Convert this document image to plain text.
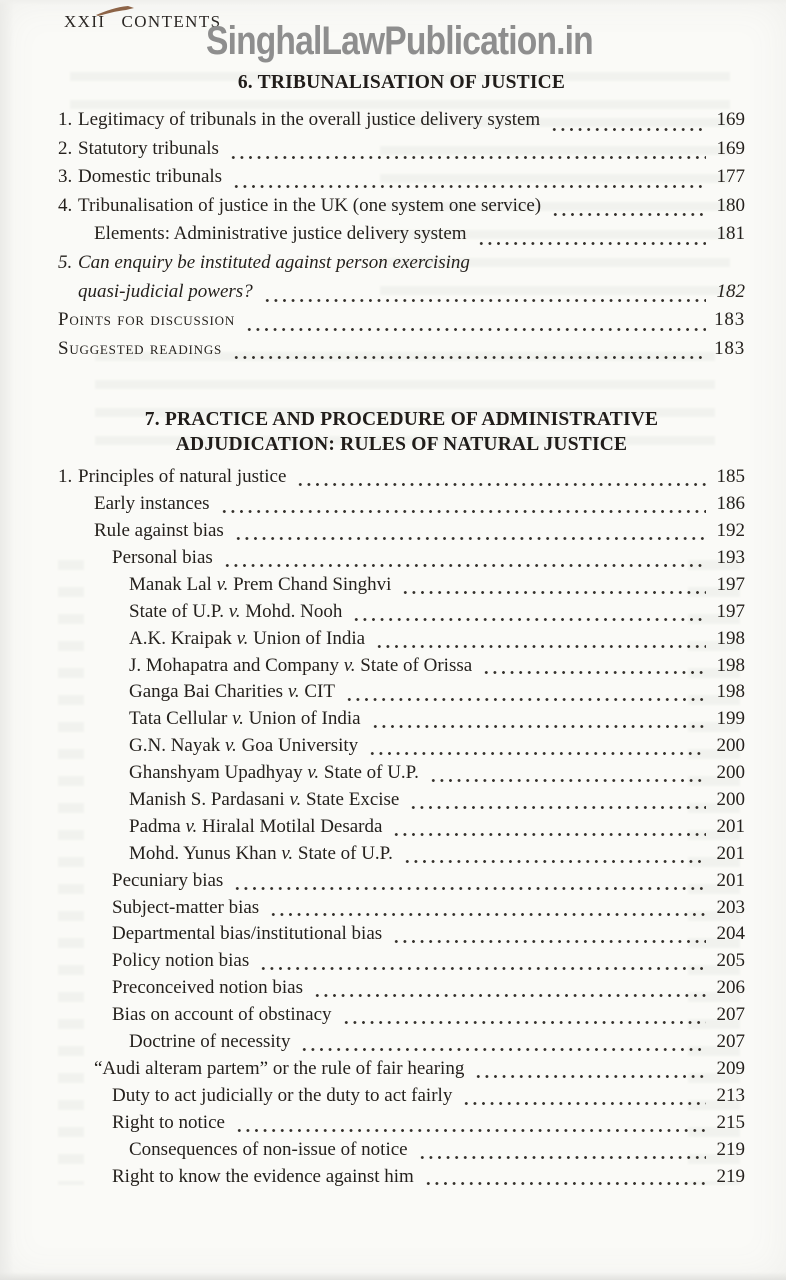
XXII CONTENTS
SinghalLawPublication.in
6. TRIBUNALISATION OF JUSTICE
1. Legitimacy of tribunals in the overall justice delivery system	169
2. Statutory tribunals	169
3. Domestic tribunals	177
4. Tribunalisation of justice in the UK (one system one service)	180
Elements: Administrative justice delivery system	181
5. Can enquiry be instituted against person exercising
quasi-judicial powers?	182
Points for discussion	183
Suggested readings	183
7. PRACTICE AND PROCEDURE OF ADMINISTRATIVE
ADJUDICATION: RULES OF NATURAL JUSTICE
1. Principles of natural justice	185
Early instances	186
Rule against bias	192
Personal bias	193
Manak Lal v. Prem Chand Singhvi	197
State of U.P. v. Mohd. Nooh	197
A.K. Kraipak v. Union of India	198
J. Mohapatra and Company v. State of Orissa	198
Ganga Bai Charities v. CIT	198
Tata Cellular v. Union of India	199
G.N. Nayak v. Goa University	200
Ghanshyam Upadhyay v. State of U.P.	200
Manish S. Pardasani v. State Excise	200
Padma v. Hiralal Motilal Desarda	201
Mohd. Yunus Khan v. State of U.P.	201
Pecuniary bias	201
Subject-matter bias	203
Departmental bias/institutional bias	204
Policy notion bias	205
Preconceived notion bias	206
Bias on account of obstinacy	207
Doctrine of necessity	207
“Audi alteram partem” or the rule of fair hearing	209
Duty to act judicially or the duty to act fairly	213
Right to notice	215
Consequences of non-issue of notice	219
Right to know the evidence against him	219
